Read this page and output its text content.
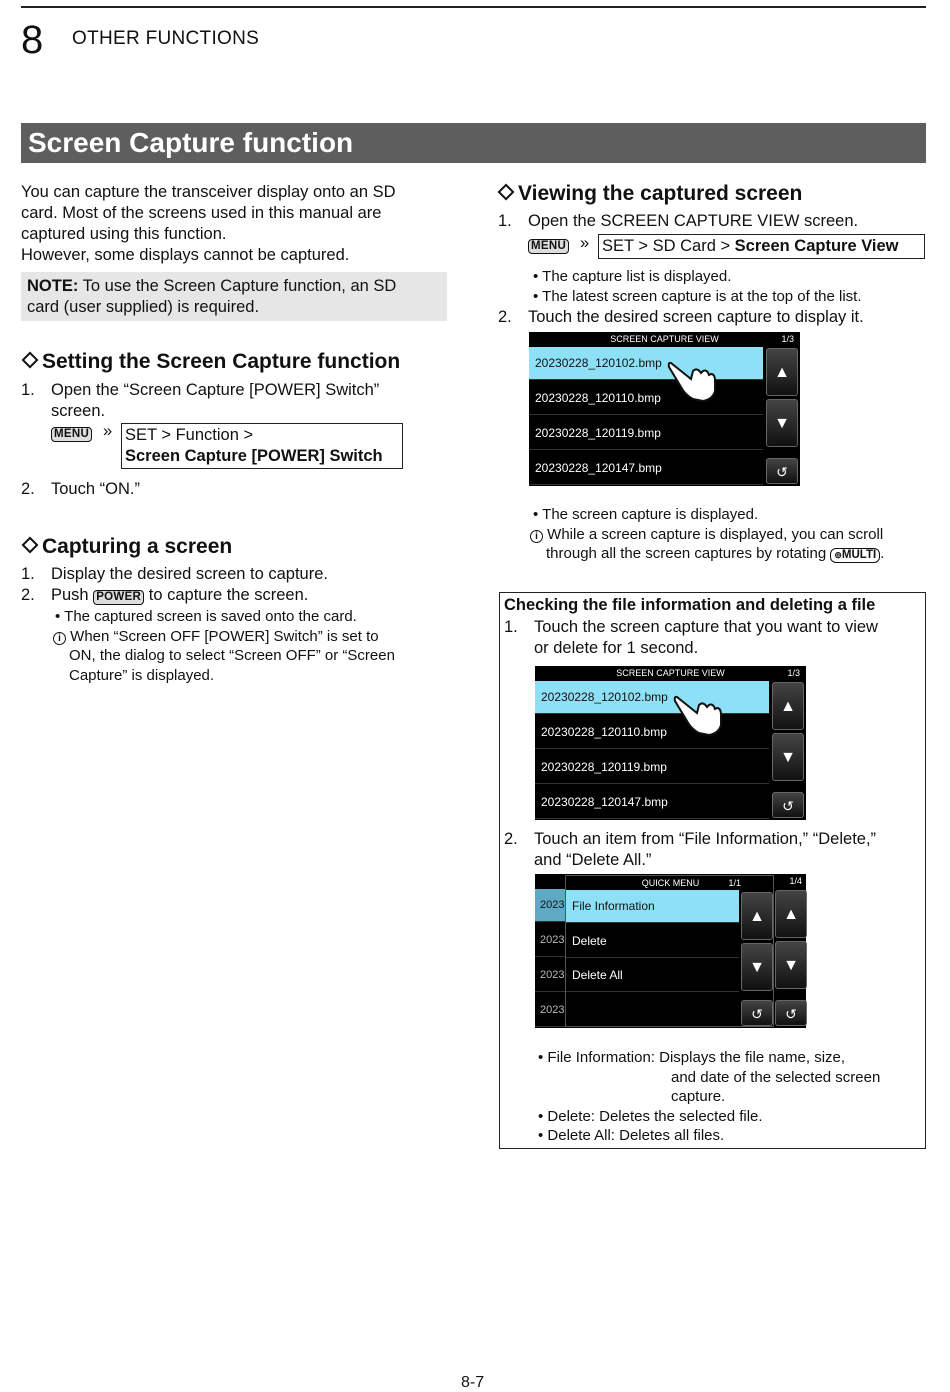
8 OTHER FUNCTIONS
Screen Capture function
You can capture the transceiver display onto an SD
card. Most of the screens used in this manual are
captured using this function.
However, some displays cannot be captured.
NOTE: To use the Screen Capture function, an SD
card (user supplied) is required.
Setting the Screen Capture function
1. Open the “Screen Capture [POWER] Switch”
screen.
MENU » SET > Function >
Screen Capture [POWER] Switch
2. Touch “ON.”
Capturing a screen
1. Display the desired screen to capture.
2. Push POWER to capture the screen.
• The captured screen is saved onto the card.
i When “Screen OFF [POWER] Switch” is set to
ON, the dialog to select “Screen OFF” or “Screen
Capture” is displayed.
Viewing the captured screen
1. Open the SCREEN CAPTURE VIEW screen.
MENU » SET > SD Card > Screen Capture View
• The capture list is displayed.
• The latest screen capture is at the top of the list.
2. Touch the desired screen capture to display it.
SCREEN CAPTURE VIEW	1/3
20230228_120102.bmp
20230228_120110.bmp
20230228_120119.bmp
20230228_120147.bmp
▲
▼
↺
• The screen capture is displayed.
i While a screen capture is displayed, you can scroll
through all the screen captures by rotating ⊚MULTI .
Checking the file information and deleting a file
1. Touch the screen capture that you want to view
or delete for 1 second.
SCREEN CAPTURE VIEW	1/3
20230228_120102.bmp
20230228_120110.bmp
20230228_120119.bmp
20230228_120147.bmp
▲
▼
↺
2. Touch an item from “File Information,” “Delete,”
and “Delete All.”
1/4
2023
2023
2023
2023
▲
▼
↺
QUICK MENU	1/1
File Information
Delete
Delete All
▲
▼
↺
• File Information: Displays the file name, size,
and date of the selected screen
capture.
• Delete: Deletes the selected file.
• Delete All: Deletes all files.
8-7
